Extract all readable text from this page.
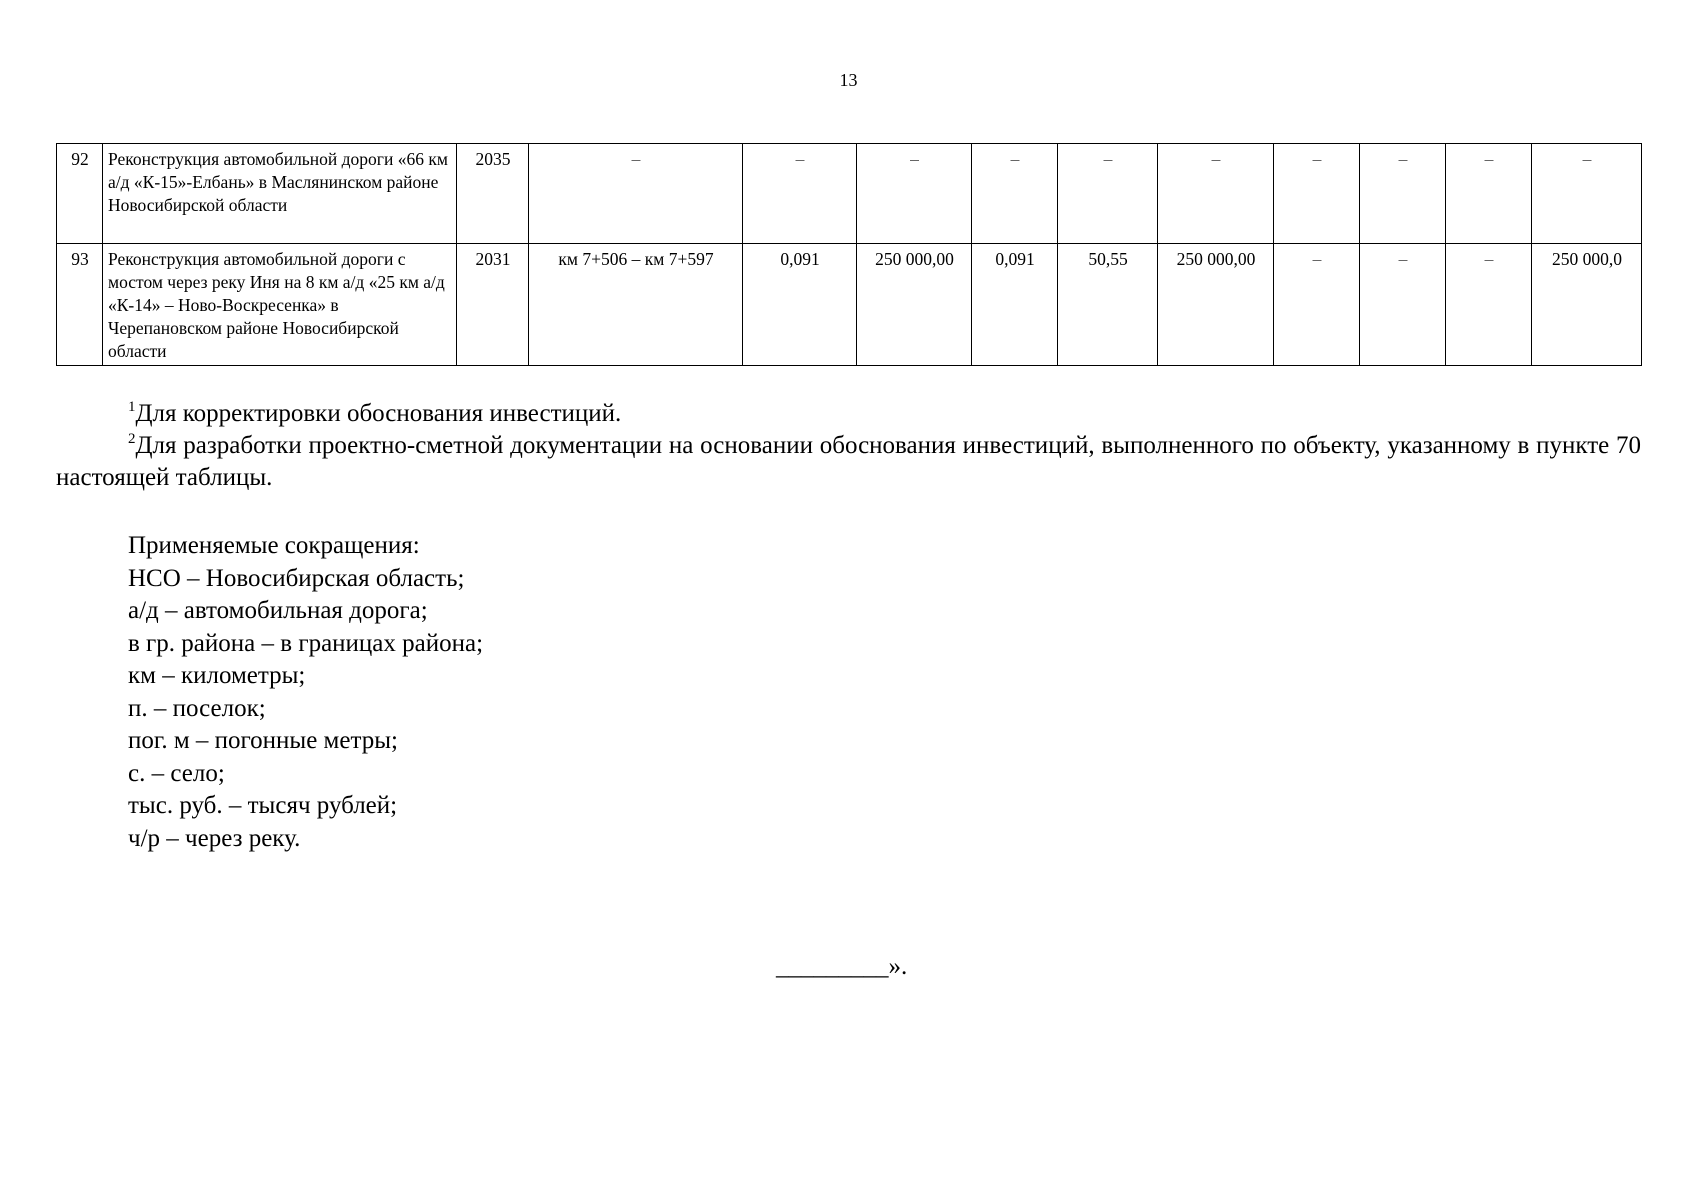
13
92	Реконструкция автомобильной дороги «66 км а/д «К-15»-Елбань» в Маслянинском районе Новосибирской области	2035	–	–	–	–	–	–	–	–	–	–
93	Реконструкция автомобильной дороги с мостом через реку Иня на 8 км а/д «25 км а/д «К-14» – Ново-Воскресенка» в Черепановском районе Новосибирской области	2031	км 7+506 – км 7+597	0,091	250 000,00	0,091	50,55	250 000,00	–	–	–	250 000,0

$^1$Для корректировки обоснования инвестиций.

$^2$Для разработки проектно-сметной документации на основании обоснования инвестиций, выполненного по объекту, указанному в пункте 70 настоящей таблицы.

Применяемые сокращения:
НСО – Новосибирская область;
а/д – автомобильная дорога;
в гр. района – в границах района;
км – километры;
п. – поселок;
пог. м – погонные метры;
с. – село;
тыс. руб. – тысяч рублей;
ч/р – через реку.
_________».
